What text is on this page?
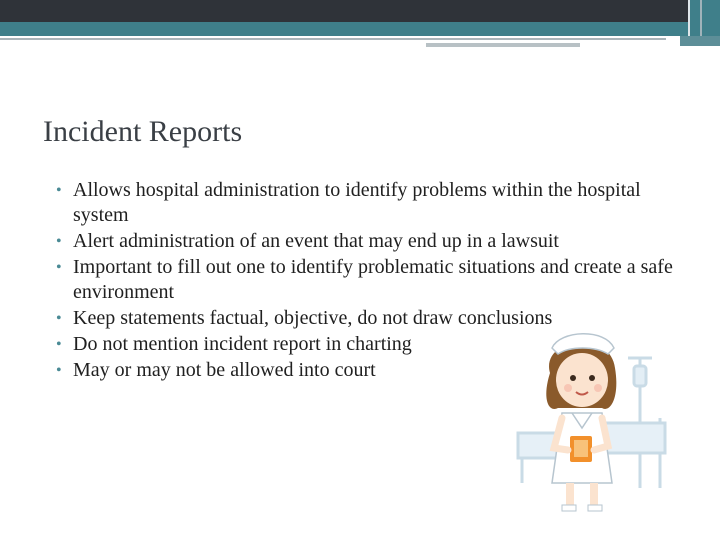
Incident Reports
• Allows hospital administration to identify problems within the hospital system
• Alert administration of an event that may end up in a lawsuit
• Important to fill out one to identify problematic situations and create a safe environment
• Keep statements factual, objective, do not draw conclusions
• Do not mention incident report in charting
• May or may not be allowed into court
